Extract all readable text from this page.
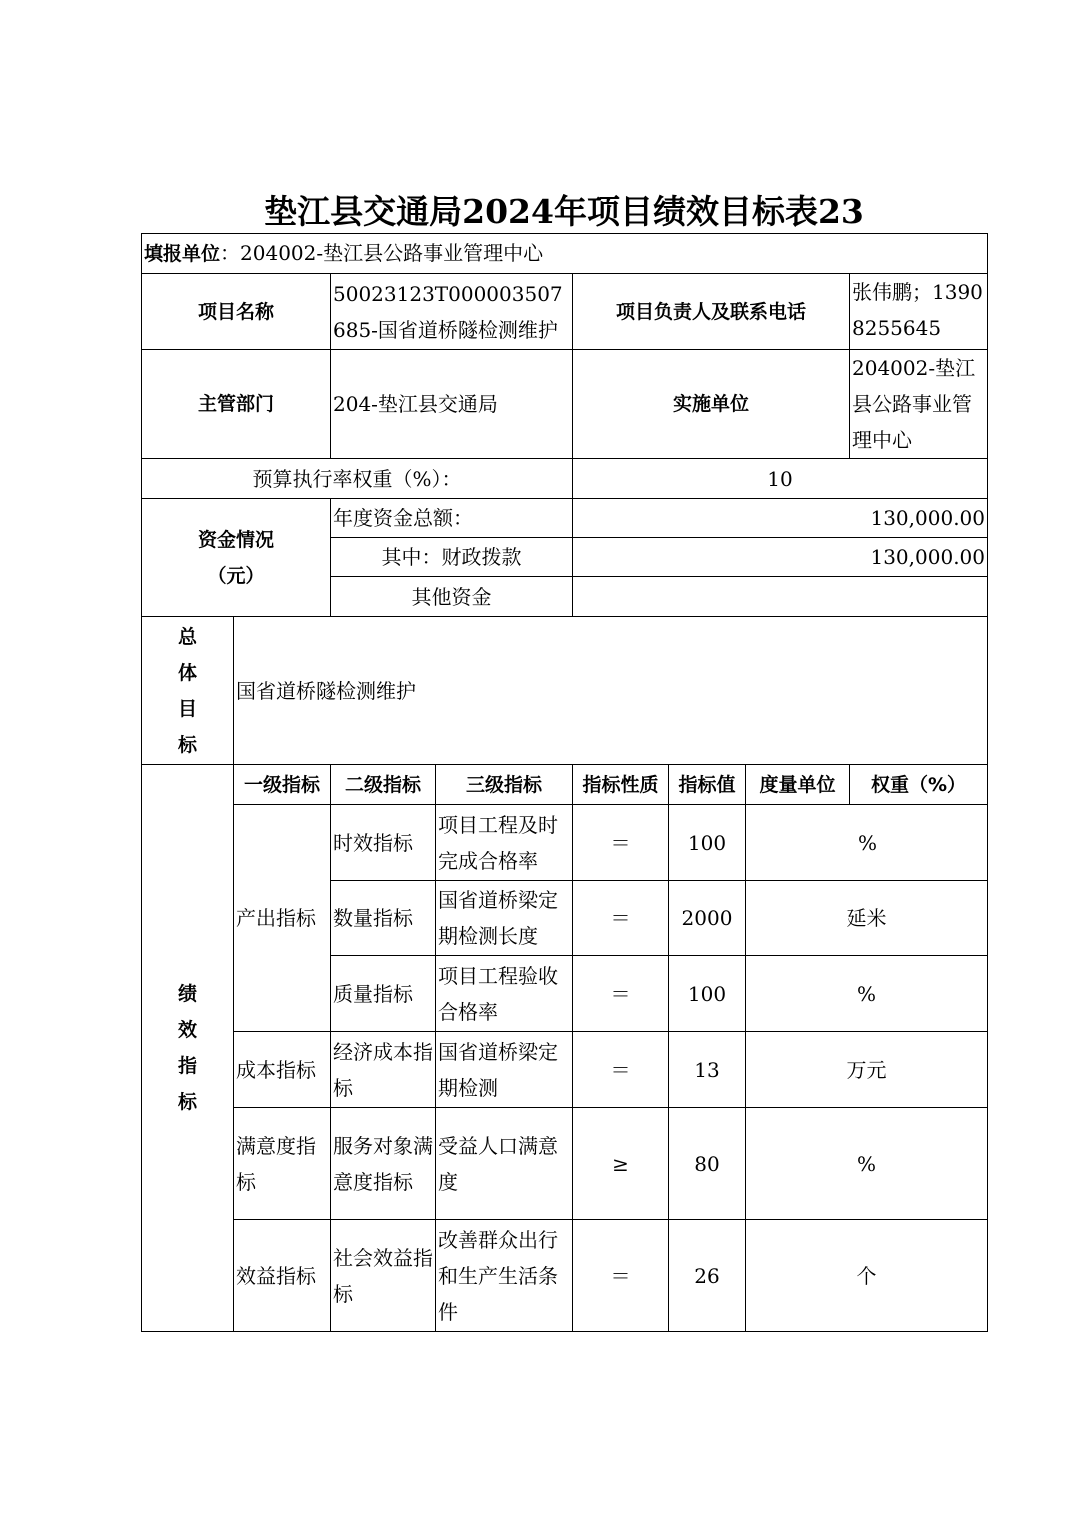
垫江县交通局2024年项目绩效目标表23
填报单位：204002-垫江县公路事业管理中心								
项目名称		50023123T000003507685-国省道桥隧检测维护		项目负责人及联系电话			张伟鹏；13908255645	
主管部门		204-垫江县交通局		实施单位			204002-垫江县公路事业管理中心	
预算执行率权重（%）：				10				

资金情况
（元）		年度资金总额：		130,000.00				
		其中：财政拨款		130,000.00				
		其他资金						

总
体
目
标	国省道桥隧检测维护							

绩
效
指
标	一级指标	二级指标	三级指标	指标性质	指标值	度量单位	权重（%）	
	产出指标	时效指标	项目工程及时完成合格率	＝	100	%	
		数量指标	国省道桥梁定期检测长度	＝	2000	延米	
		质量指标	项目工程验收合格率	＝	100	%	
	成本指标	经济成本指标	国省道桥梁定期检测	＝	13	万元	
	满意度指标	服务对象满意度指标	受益人口满意度	≥	80	%	
	效益指标	社会效益指标	改善群众出行和生产生活条件	＝	26	个	
